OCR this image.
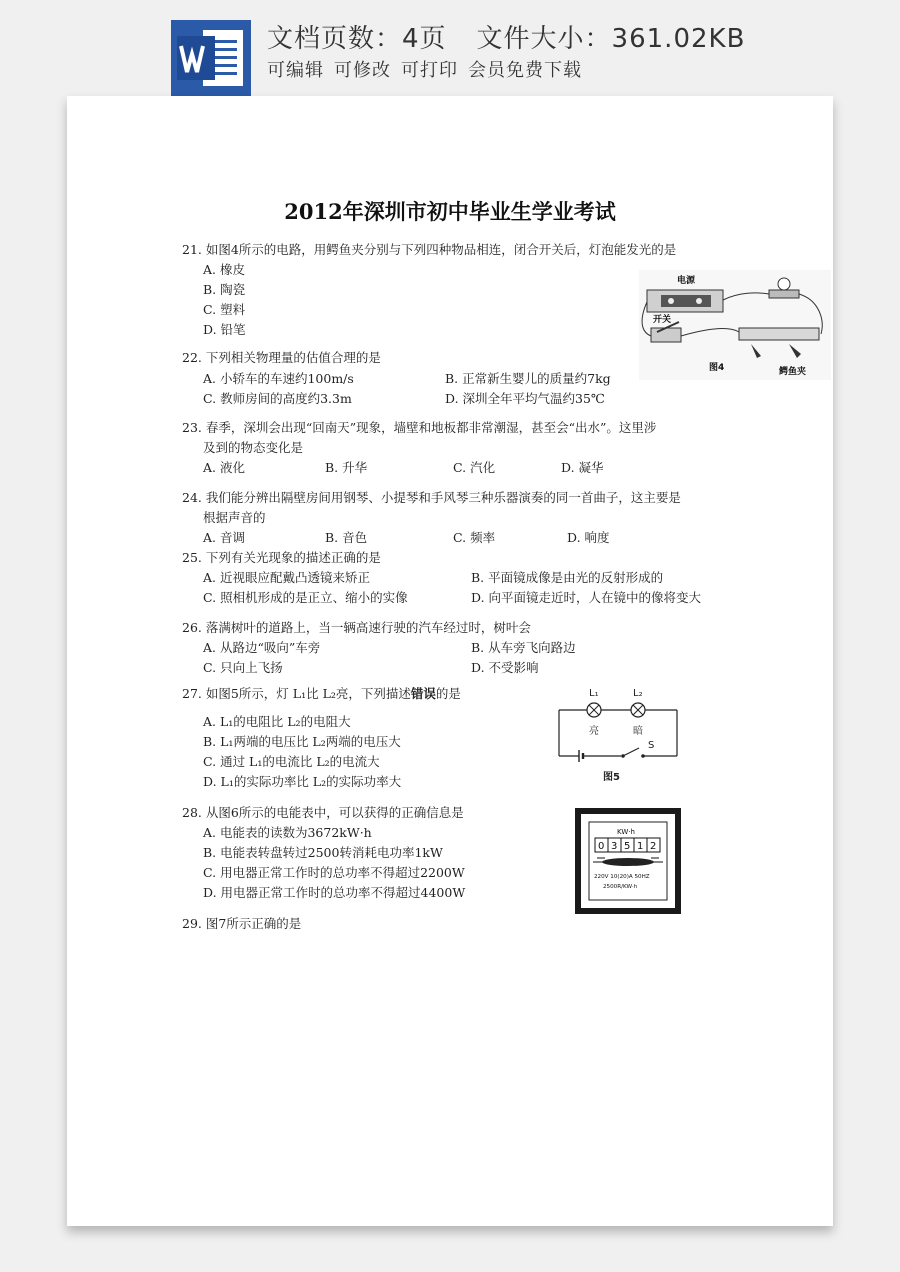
文档页数：4页 文件大小：361.02KB
可编辑 可修改 可打印 会员免费下载
2012年深圳市初中毕业生学业考试
21. 如图4所示的电路，用鳄鱼夹分别与下列四种物品相连，闭合开关后，灯泡能发光的是
A. 橡皮
B. 陶瓷
C. 塑料
D. 铅笔
电源
开关
图4	鳄鱼夹
22. 下列相关物理量的估值合理的是
A. 小轿车的车速约100m/s	B. 正常新生婴儿的质量约7kg
C. 教师房间的高度约3.3m	D. 深圳全年平均气温约35℃
23. 春季，深圳会出现“回南天”现象，墙壁和地板都非常潮湿，甚至会“出水”。这里涉
及到的物态变化是
A. 液化	B. 升华	C. 汽化	D. 凝华
24. 我们能分辨出隔壁房间用钢琴、小提琴和手风琴三种乐器演奏的同一首曲子，这主要是
根据声音的
A. 音调	B. 音色	C. 频率	D. 响度
25. 下列有关光现象的描述正确的是
A. 近视眼应配戴凸透镜来矫正	B. 平面镜成像是由光的反射形成的
C. 照相机形成的是正立、缩小的实像	D. 向平面镜走近时，人在镜中的像将变大
26. 落满树叶的道路上，当一辆高速行驶的汽车经过时，树叶会
A. 从路边“吸向”车旁	B. 从车旁飞向路边
C. 只向上飞扬	D. 不受影响
27. 如图5所示，灯 L₁比 L₂亮，下列描述错误的是
A. L₁的电阻比 L₂的电阻大
B. L₁两端的电压比 L₂两端的电压大
C. 通过 L₁的电流比 L₂的电流大
D. L₁的实际功率比 L₂的实际功率大
L₁	L₂
亮	暗
S
图5
28. 从图6所示的电能表中，可以获得的正确信息是
A. 电能表的读数为3672kW·h
B. 电能表转盘转过2500转消耗电功率1kW
C. 用电器正常工作时的总功率不得超过2200W
D. 用电器正常工作时的总功率不得超过4400W
KW·h
0 3 5 1 2
220V 10(20)A 50HZ
2500R/KW·h
29. 图7所示正确的是
